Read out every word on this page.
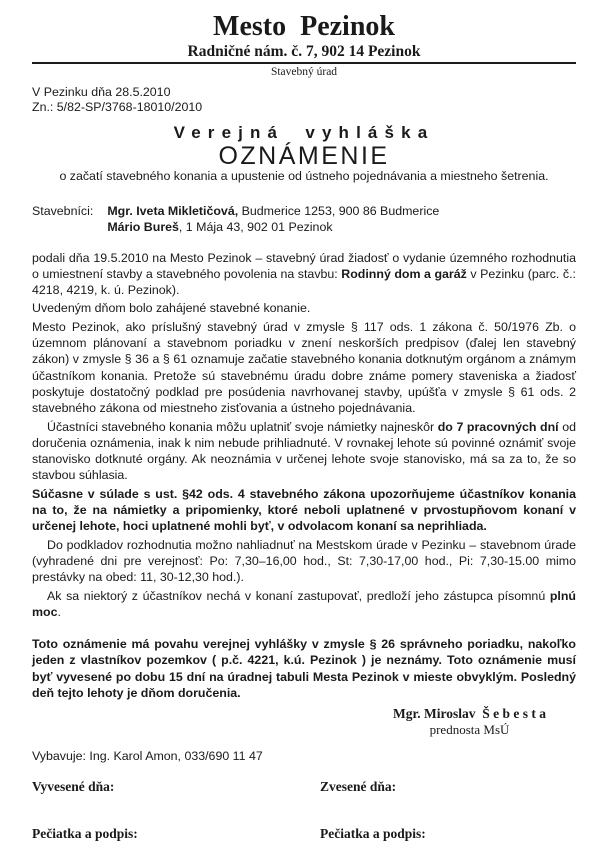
Mesto  Pezinok
Radničné nám. č. 7, 902 14 Pezinok
Stavebný úrad
V Pezinku dňa 28.5.2010
Zn.: 5/82-SP/3768-18010/2010
Verejná vyhláška
OZNÁMENIE
o začatí stavebného konania a upustenie od ústneho pojednávania a miestneho šetrenia.
Stavebníci: Mgr. Iveta Mikletičová, Budmerice 1253, 900 86 Budmerice
Mário Bureš, 1 Mája 43, 902 01 Pezinok

podali dňa 19.5.2010 na Mesto Pezinok – stavebný úrad žiadosť o vydanie územného rozhodnutia o umiestnení stavby a stavebného povolenia na stavbu: Rodinný dom a garáž v Pezinku (parc. č.: 4218, 4219, k. ú. Pezinok).

Uvedeným dňom bolo zahájené stavebné konanie.

Mesto Pezinok, ako príslušný stavebný úrad v zmysle § 117 ods. 1 zákona č. 50/1976 Zb. o územnom plánovaní a stavebnom poriadku v znení neskorších predpisov (ďalej len stavebný zákon) v zmysle § 36 a § 61 oznamuje začatie stavebného konania dotknutým orgánom a známym účastníkom konania. Pretože sú stavebnému úradu dobre známe pomery staveniska a žiadosť poskytuje dostatočný podklad pre posúdenia navrhovanej stavby, upúšťa v zmysle § 61 ods. 2 stavebného zákona od miestneho zisťovania a ústneho pojednávania.

Účastníci stavebného konania môžu uplatniť svoje námietky najneskôr do 7 pracovných dní od doručenia oznámenia, inak k nim nebude prihliadnuté. V rovnakej lehote sú povinné oznámiť svoje stanovisko dotknuté orgány. Ak neoznámia v určenej lehote svoje stanovisko, má sa za to, že so stavbou súhlasia.

Súčasne v súlade s ust. §42 ods. 4 stavebného zákona upozorňujeme účastníkov konania na to, že na námietky a pripomienky, ktoré neboli uplatnené v prvostupňovom konaní v určenej lehote, hoci uplatnené mohli byť, v odvolacom konaní sa neprihliada.

Do podkladov rozhodnutia možno nahliadnuť na Mestskom úrade v Pezinku – stavebnom úrade (vyhradené dni pre verejnosť: Po: 7,30–16,00 hod., St: 7,30-17,00 hod., Pi: 7,30-15.00 mimo prestávky na obed: 11, 30-12,30 hod.).

Ak sa niektorý z účastníkov nechá v konaní zastupovať, predloží jeho zástupca písomnú plnú moc.

Toto oznámenie má povahu verejnej vyhlášky v zmysle § 26 správneho poriadku, nakoľko jeden z vlastníkov pozemkov ( p.č. 4221, k.ú. Pezinok ) je neznámy. Toto oznámenie musí byť vyvesené po dobu 15 dní na úradnej tabuli Mesta Pezinok v mieste obvyklým. Posledný deň tejto lehoty je dňom doručenia.

Mgr. Miroslav  Š e b e s t a
prednosta MsÚ
Vybavuje: Ing. Karol Amon, 033/690 11 47
Vyvesené dňa:	Zvesené dňa:
Pečiatka a podpis:	Pečiatka a podpis:
